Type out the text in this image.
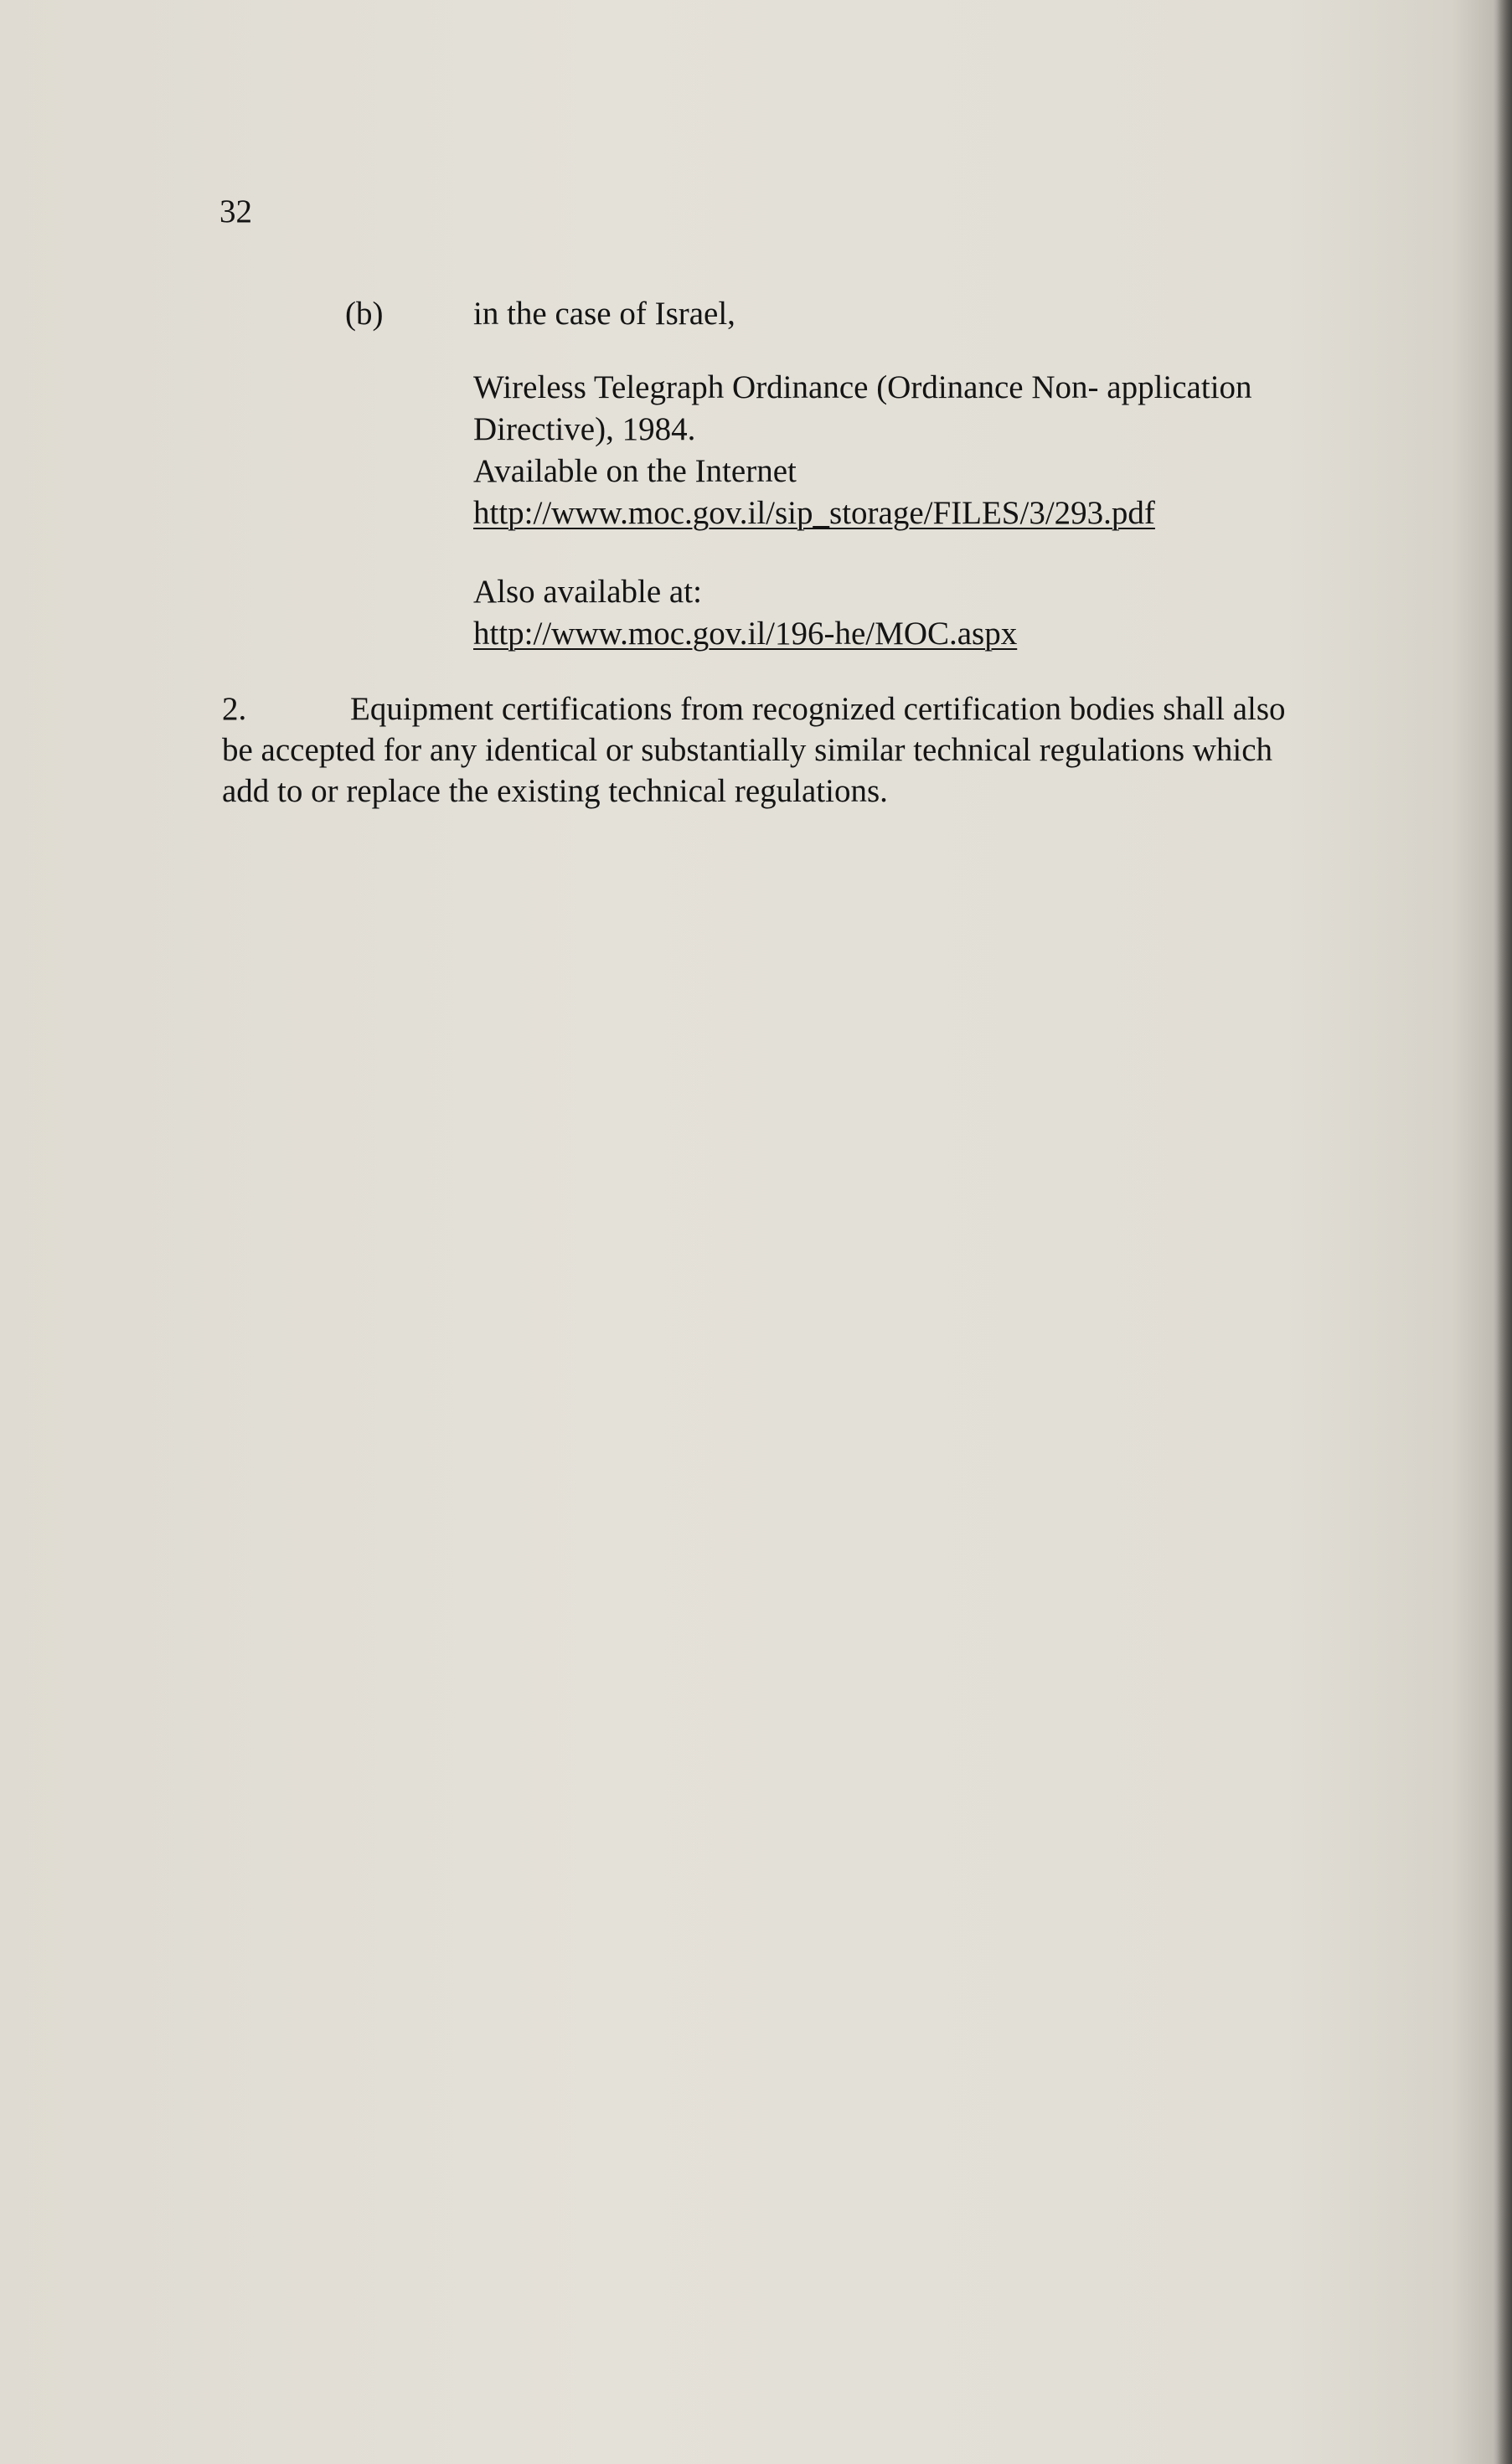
32
(b)	in the case of Israel,
Wireless Telegraph Ordinance (Ordinance Non- application
Directive), 1984.
Available on the Internet
http://www.moc.gov.il/sip_storage/FILES/3/293.pdf
Also available at:
http://www.moc.gov.il/196-he/MOC.aspx
2.	Equipment certifications from recognized certification bodies shall also
be accepted for any identical or substantially similar technical regulations which
add to or replace the existing technical regulations.
